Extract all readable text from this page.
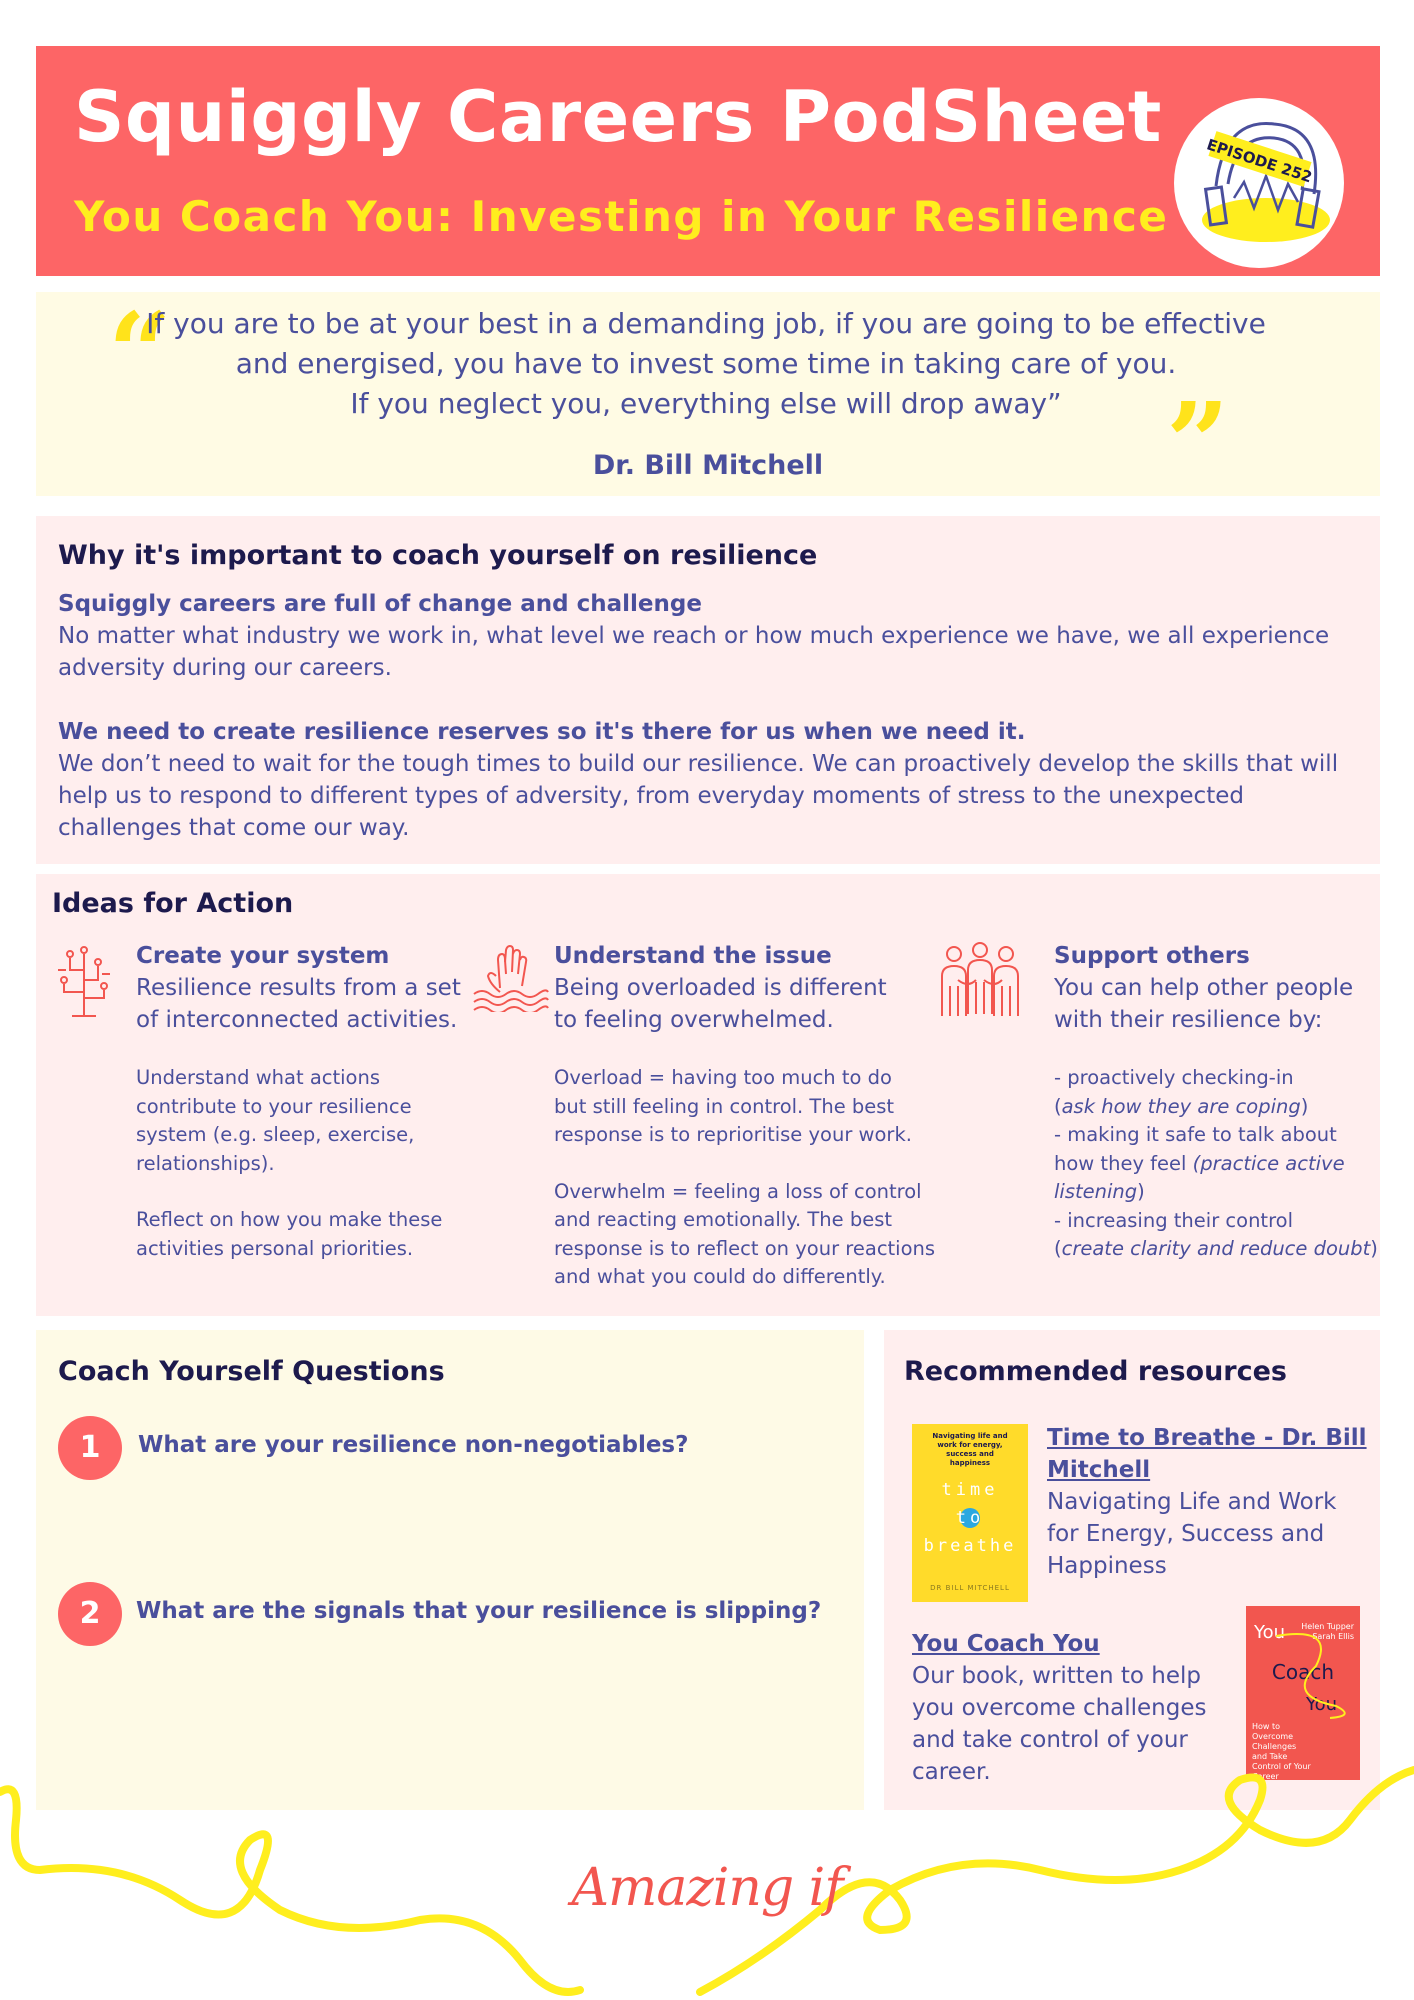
Squiggly Careers PodSheet
You Coach You: Investing in Your Resilience
EPISODE 252
“
”
If you are to be at your best in a demanding job, if you are going to be effective
and energised, you have to invest some time in taking care of you.
If you neglect you, everything else will drop away”
Dr. Bill Mitchell
Why it's important to coach yourself on resilience

Squiggly careers are full of change and challenge
No matter what industry we work in, what level we reach or how much experience we have, we all experience adversity during our careers.

We need to create resilience reserves so it's there for us when we need it.
We don’t need to wait for the tough times to build our resilience. We can proactively develop the skills that will help us to respond to different types of adversity, from everyday moments of stress to the unexpected challenges that come our way.

Ideas for Action
Create your system
Resilience results from a set
of interconnected activities.
Understand what actions
contribute to your resilience
system (e.g. sleep, exercise,
relationships).
Reflect on how you make these
activities personal priorities.
Understand the issue
Being overloaded is different
to feeling overwhelmed.
Overload = having too much to do
but still feeling in control. The best
response is to reprioritise your work.
Overwhelm = feeling a loss of control
and reacting emotionally. The best
response is to reflect on your reactions
and what you could do differently.
Support others
You can help other people
with their resilience by:
- proactively checking-in
(ask how they are coping)
- making it safe to talk about
how they feel (practice active
listening)
- increasing their control
(create clarity and reduce doubt)
Coach Yourself Questions
1	What are your resilience non-negotiables?
2	What are the signals that your resilience is slipping?
Recommended resources
Navigating life and work for energy, success and happiness
time
to
breathe
DR BILL MITCHELL
Time to Breathe - Dr. Bill Mitchell
Navigating Life and Work for Energy, Success and Happiness
Helen Tupper Sarah Ellis
You
Coach
You
How to Overcome Challenges and Take Control of Your Career
You Coach You
Our book, written to help you overcome challenges and take control of your career.
Amazing if
